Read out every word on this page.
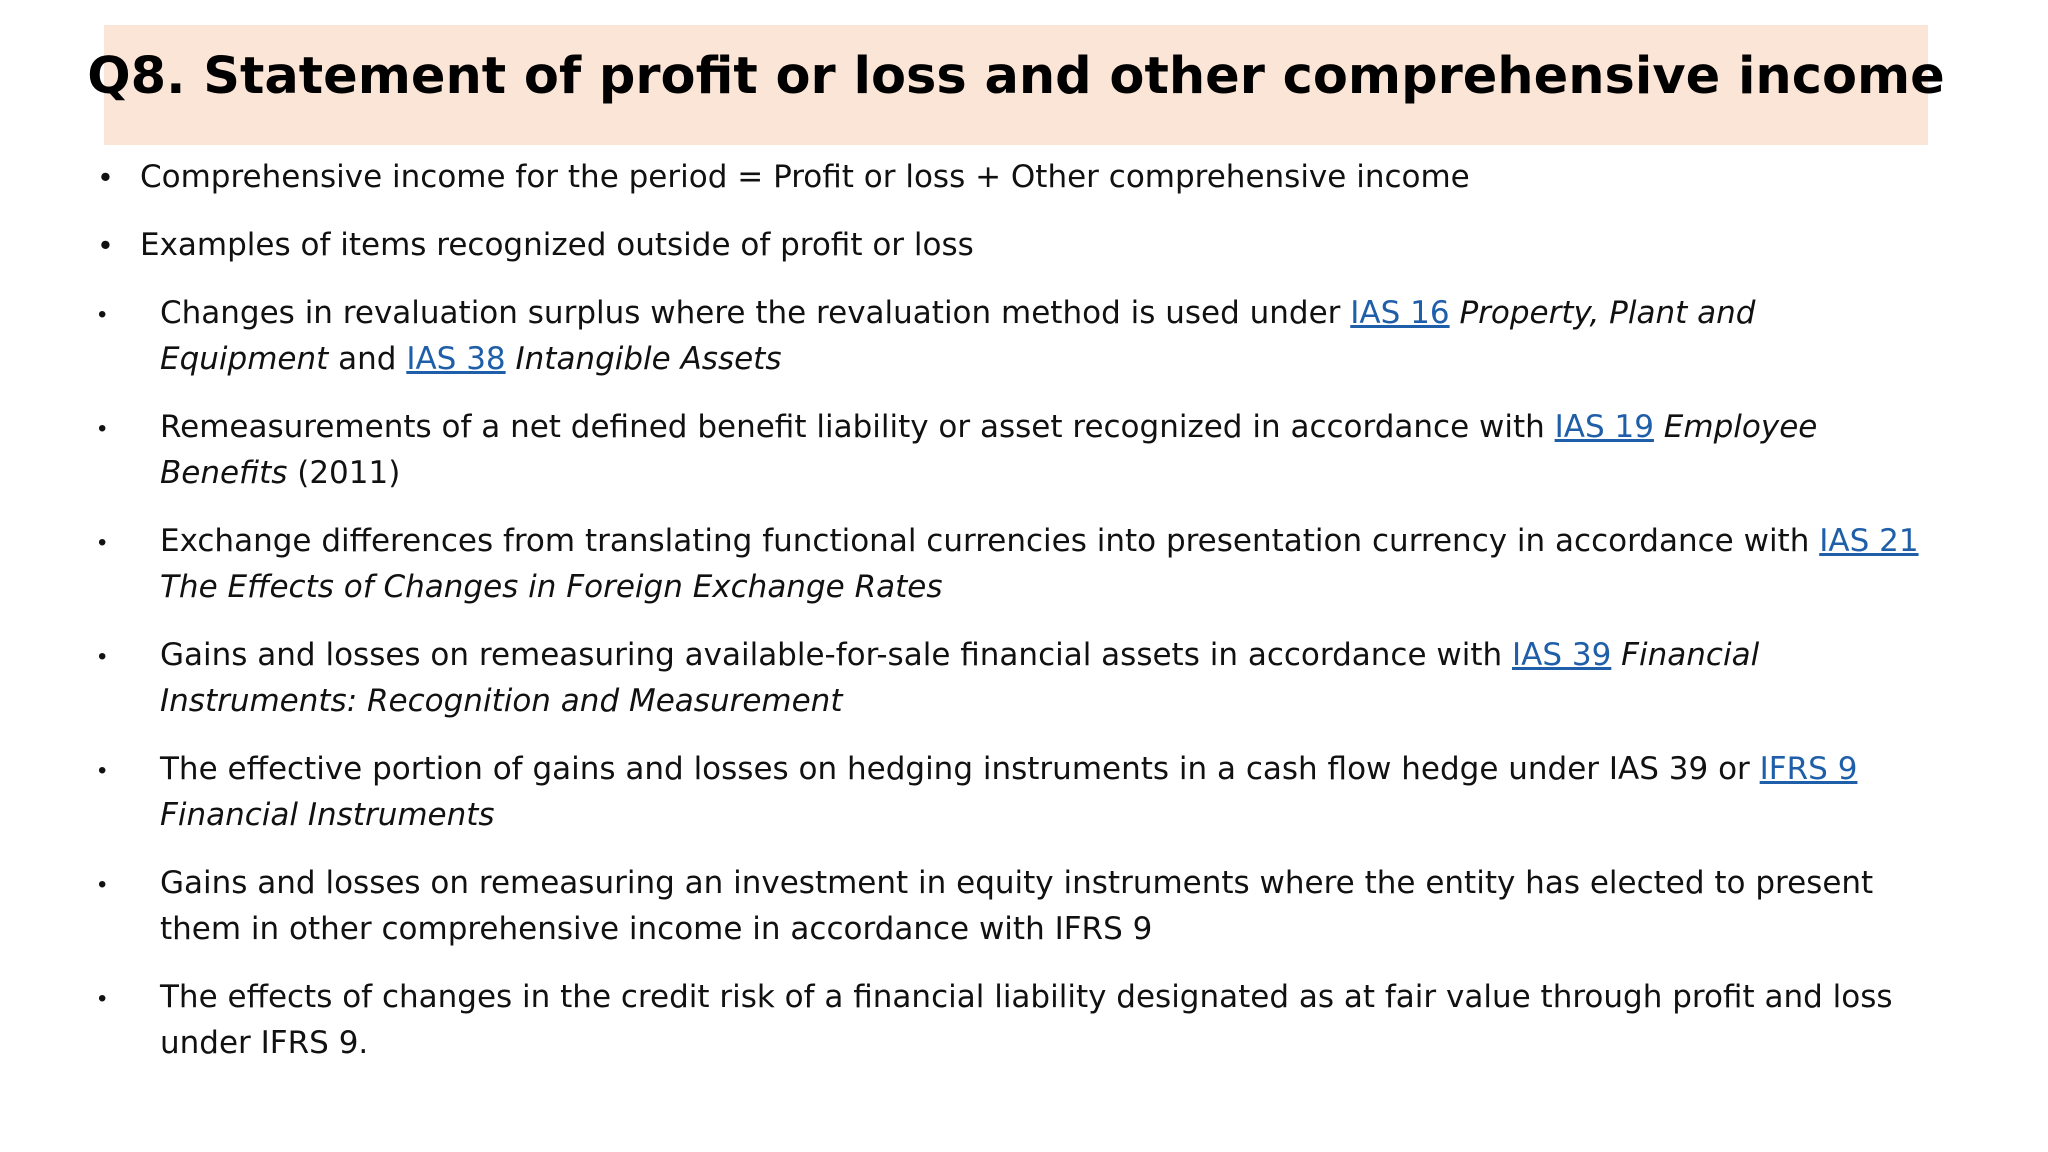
Q8. Statement of profit or loss and other comprehensive income
• Comprehensive income for the period = Profit or loss + Other comprehensive income
• Examples of items recognized outside of profit or loss
• Changes in revaluation surplus where the revaluation method is used under IAS 16 Property, Plant and Equipment and IAS 38 Intangible Assets
• Remeasurements of a net defined benefit liability or asset recognized in accordance with IAS 19 Employee Benefits (2011)
• Exchange differences from translating functional currencies into presentation currency in accordance with IAS 21 The Effects of Changes in Foreign Exchange Rates
• Gains and losses on remeasuring available-for-sale financial assets in accordance with IAS 39 Financial Instruments: Recognition and Measurement
• The effective portion of gains and losses on hedging instruments in a cash flow hedge under IAS 39 or IFRS 9 Financial Instruments
• Gains and losses on remeasuring an investment in equity instruments where the entity has elected to present them in other comprehensive income in accordance with IFRS 9
• The effects of changes in the credit risk of a financial liability designated as at fair value through profit and loss under IFRS 9.
